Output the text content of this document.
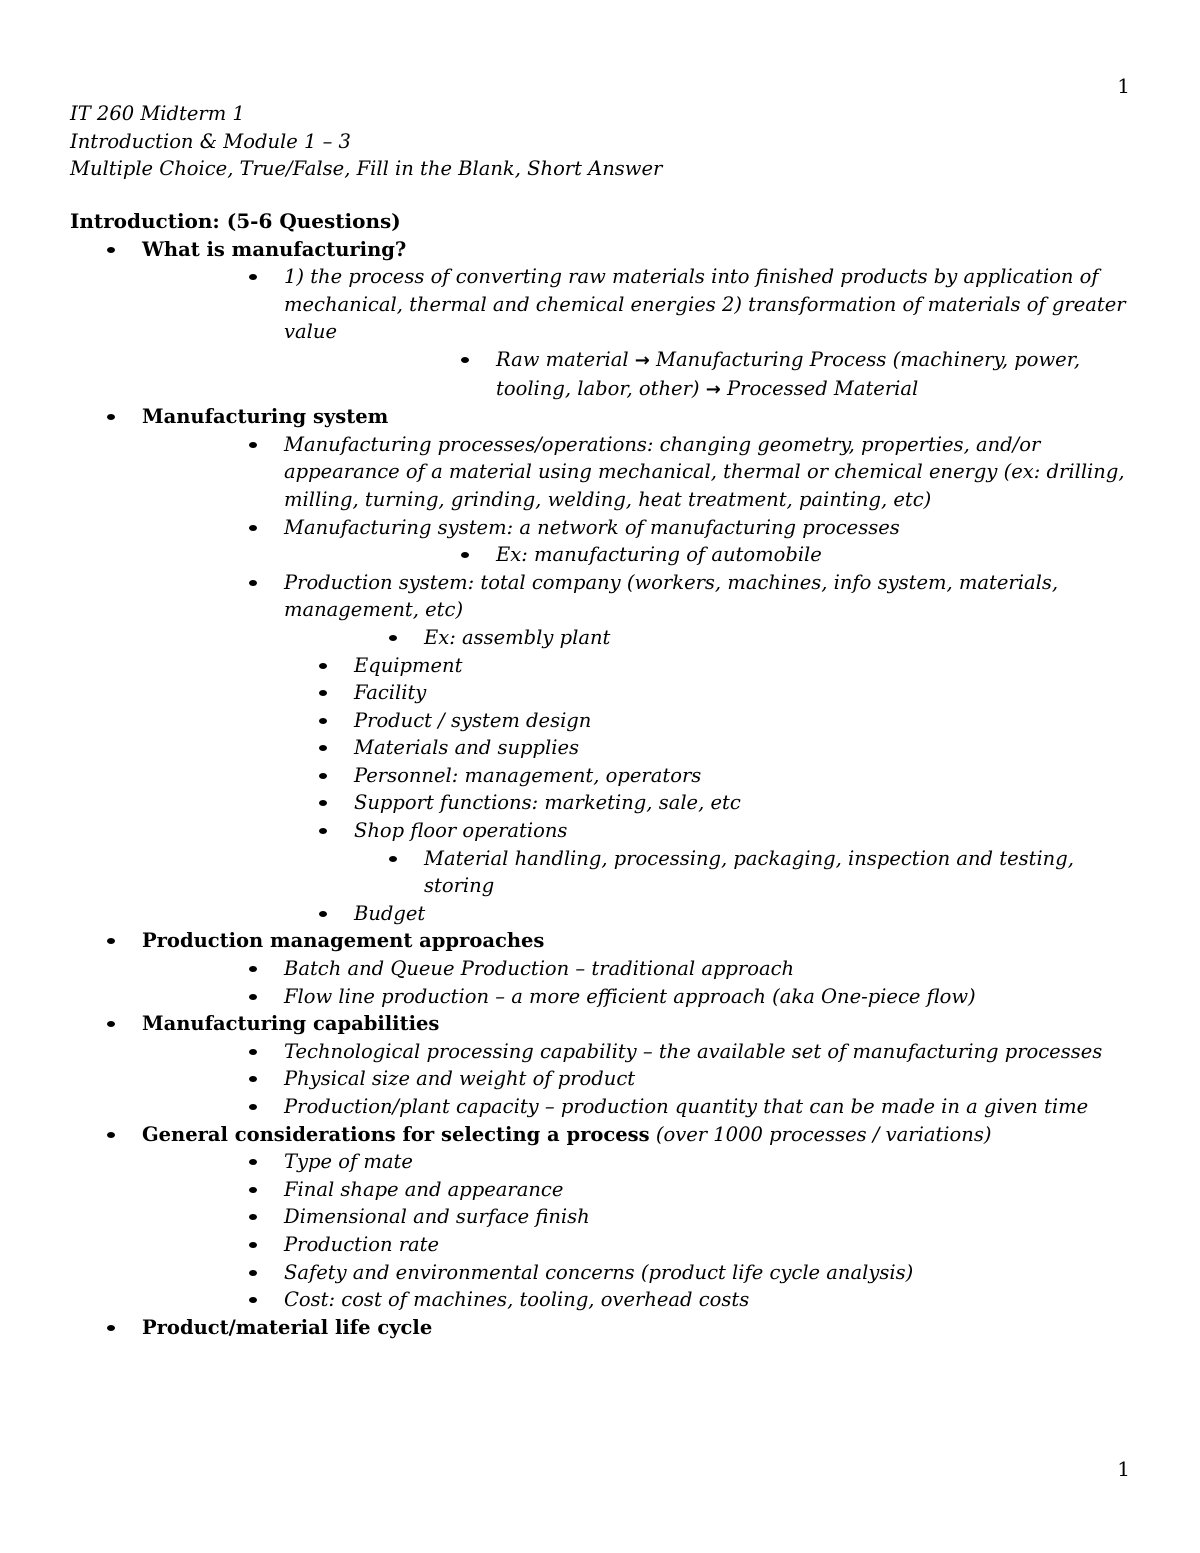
1
IT 260 Midterm 1
Introduction & Module 1 – 3
Multiple Choice, True/False, Fill in the Blank, Short Answer
Introduction: (5-6 Questions)
What is manufacturing?
1) the process of converting raw materials into finished products by application of mechanical, thermal and chemical energies 2) transformation of materials of greater value
Raw material → Manufacturing Process (machinery, power, tooling, labor, other) → Processed Material
Manufacturing system
Manufacturing processes/operations: changing geometry, properties, and/or appearance of a material using mechanical, thermal or chemical energy (ex: drilling, milling, turning, grinding, welding, heat treatment, painting, etc)
Manufacturing system: a network of manufacturing processes
Ex: manufacturing of automobile
Production system: total company (workers, machines, info system, materials, management, etc)
Ex: assembly plant
Equipment
Facility
Product / system design
Materials and supplies
Personnel: management, operators
Support functions: marketing, sale, etc
Shop floor operations
Material handling, processing, packaging, inspection and testing, storing
Budget
Production management approaches
Batch and Queue Production – traditional approach
Flow line production – a more efficient approach (aka One-piece flow)
Manufacturing capabilities
Technological processing capability – the available set of manufacturing processes
Physical size and weight of product
Production/plant capacity – production quantity that can be made in a given time
General considerations for selecting a process (over 1000 processes / variations)
Type of mate
Final shape and appearance
Dimensional and surface finish
Production rate
Safety and environmental concerns (product life cycle analysis)
Cost: cost of machines, tooling, overhead costs
Product/material life cycle
1
